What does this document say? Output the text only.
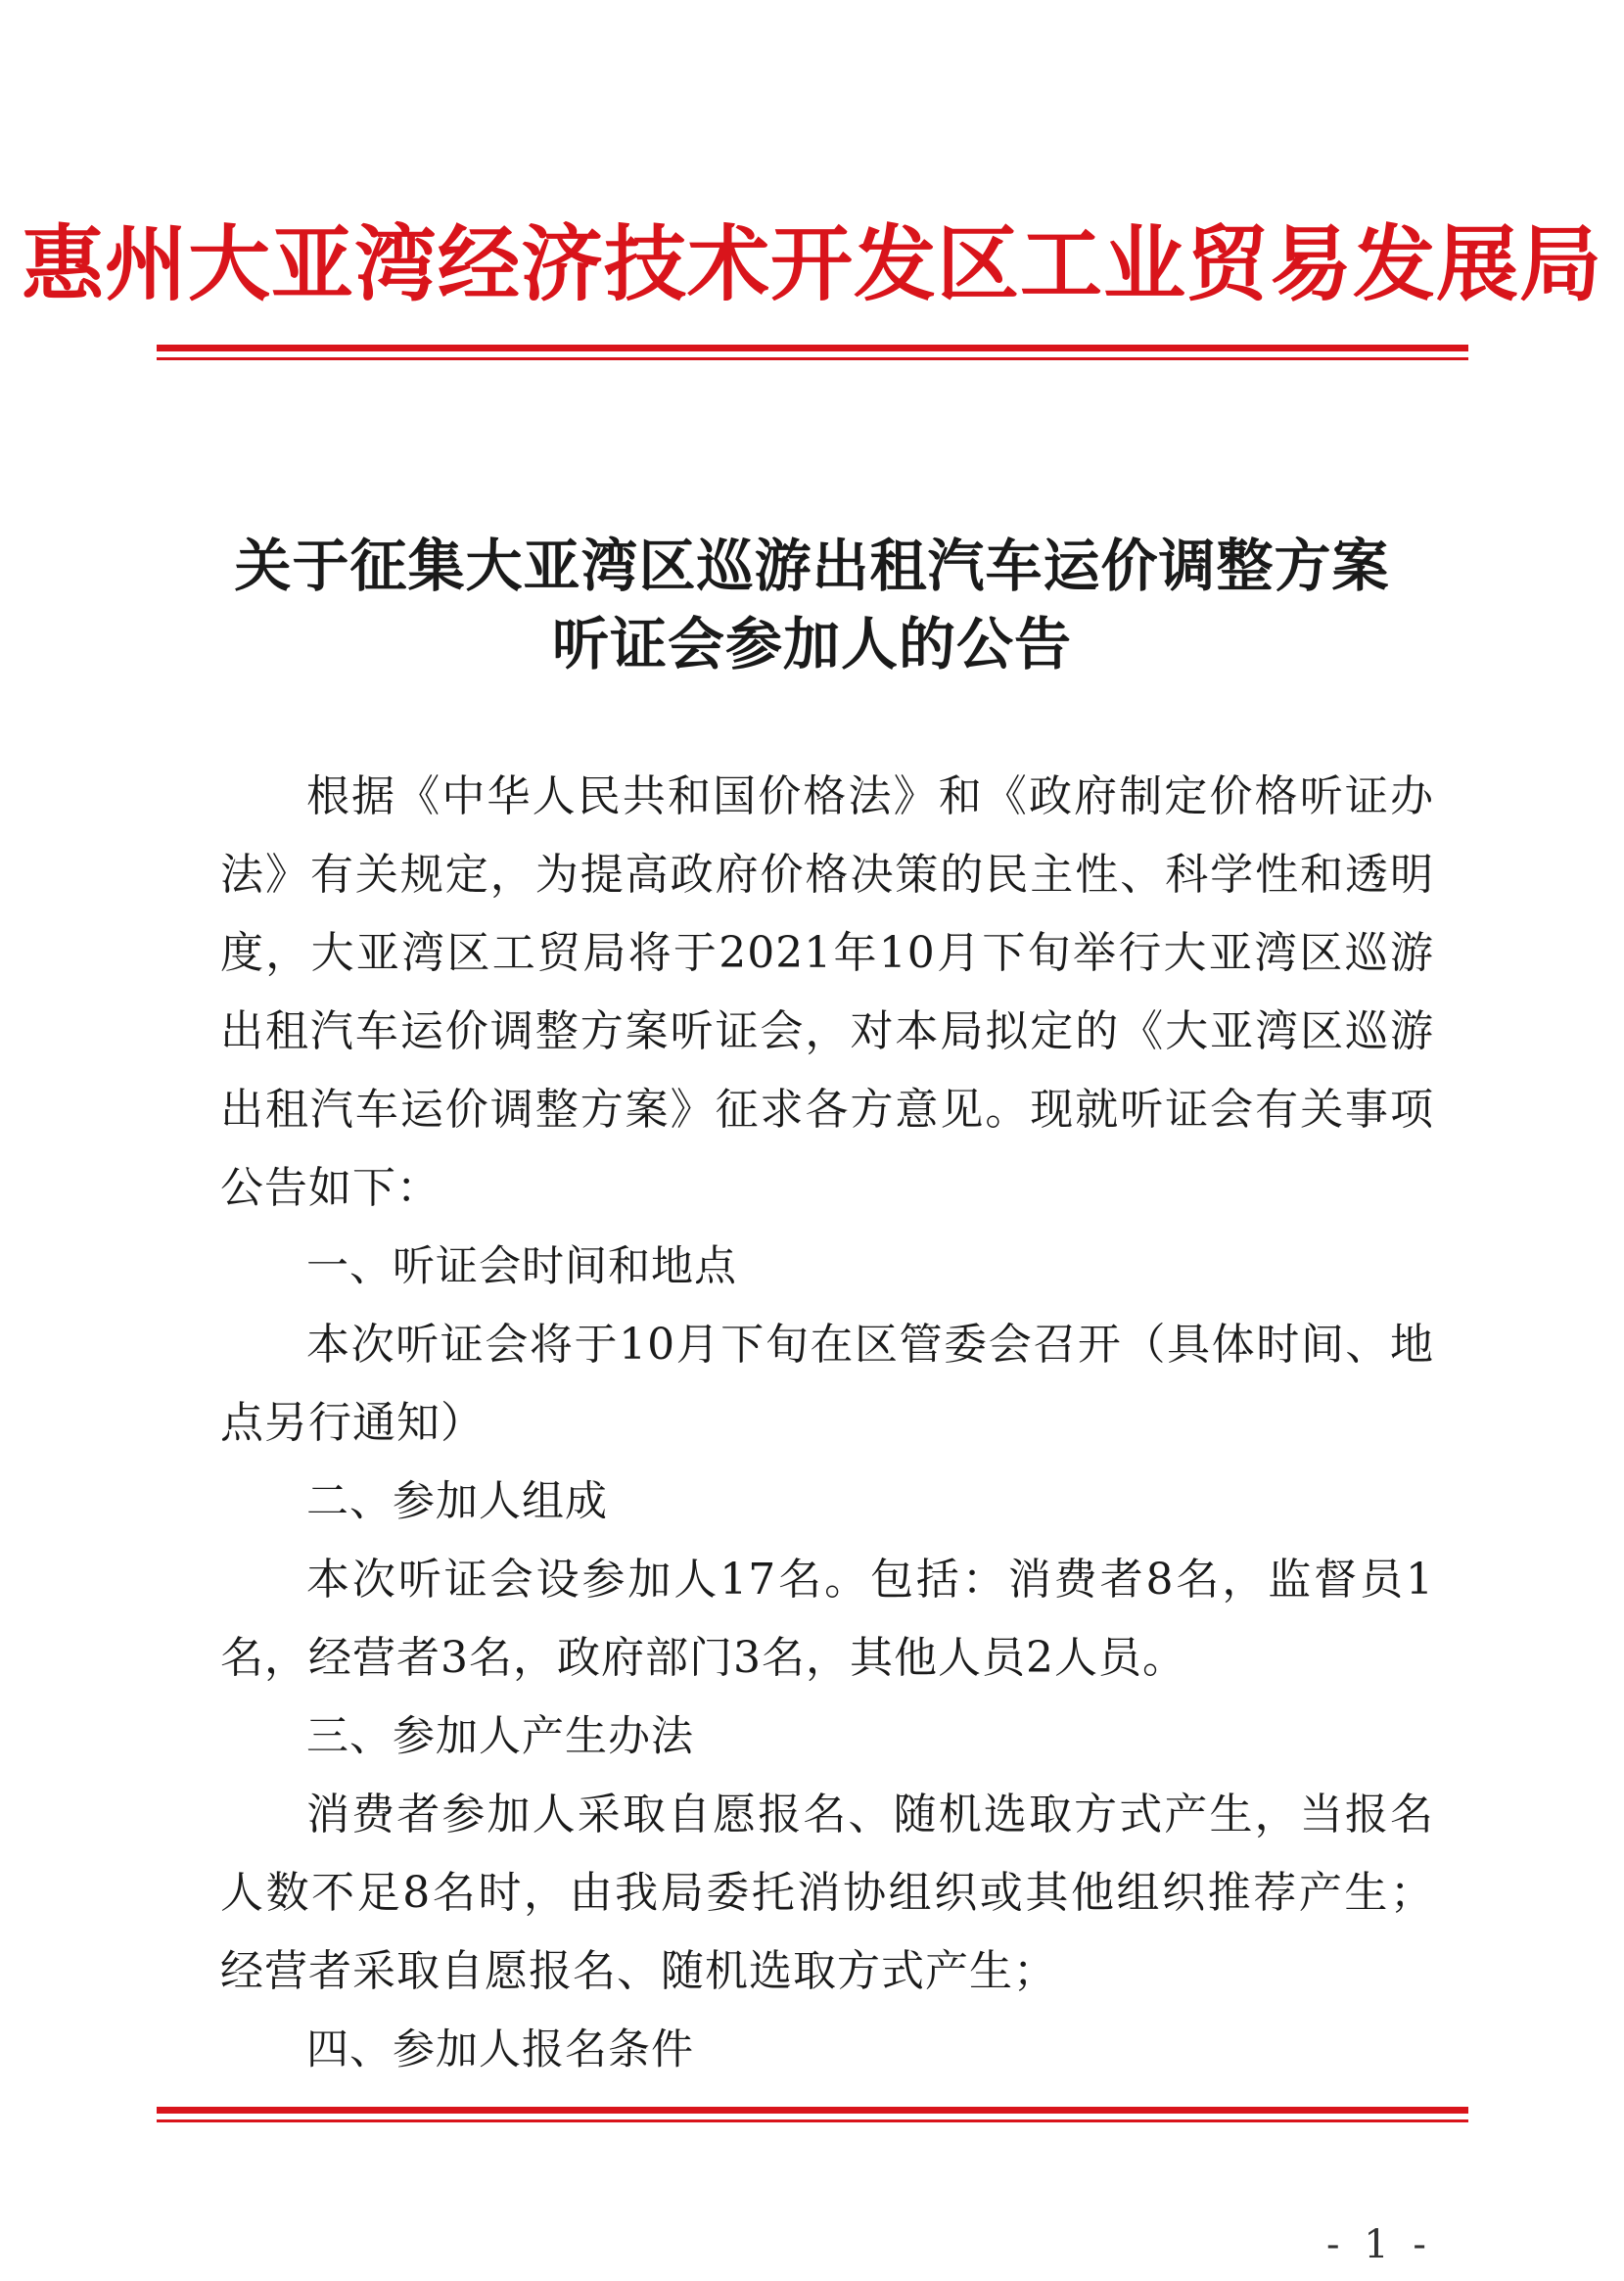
惠州大亚湾经济技术开发区工业贸易发展局
关于征集大亚湾区巡游出租汽车运价调整方案
听证会参加人的公告

根据《中华人民共和国价格法》和《政府制定价格听证办法》有关规定，为提高政府价格决策的民主性、科学性和透明度，大亚湾区工贸局将于2021年10月下旬举行大亚湾区巡游出租汽车运价调整方案听证会，对本局拟定的《大亚湾区巡游出租汽车运价调整方案》征求各方意见。现就听证会有关事项公告如下：

一、听证会时间和地点

本次听证会将于10月下旬在区管委会召开（具体时间、地点另行通知）

二、参加人组成

本次听证会设参加人17名。包括：消费者8名，监督员1名，经营者3名，政府部门3名，其他人员2人员。

三、参加人产生办法

消费者参加人采取自愿报名、随机选取方式产生，当报名人数不足8名时，由我局委托消协组织或其他组织推荐产生；经营者采取自愿报名、随机选取方式产生；

四、参加人报名条件

- 1 -
